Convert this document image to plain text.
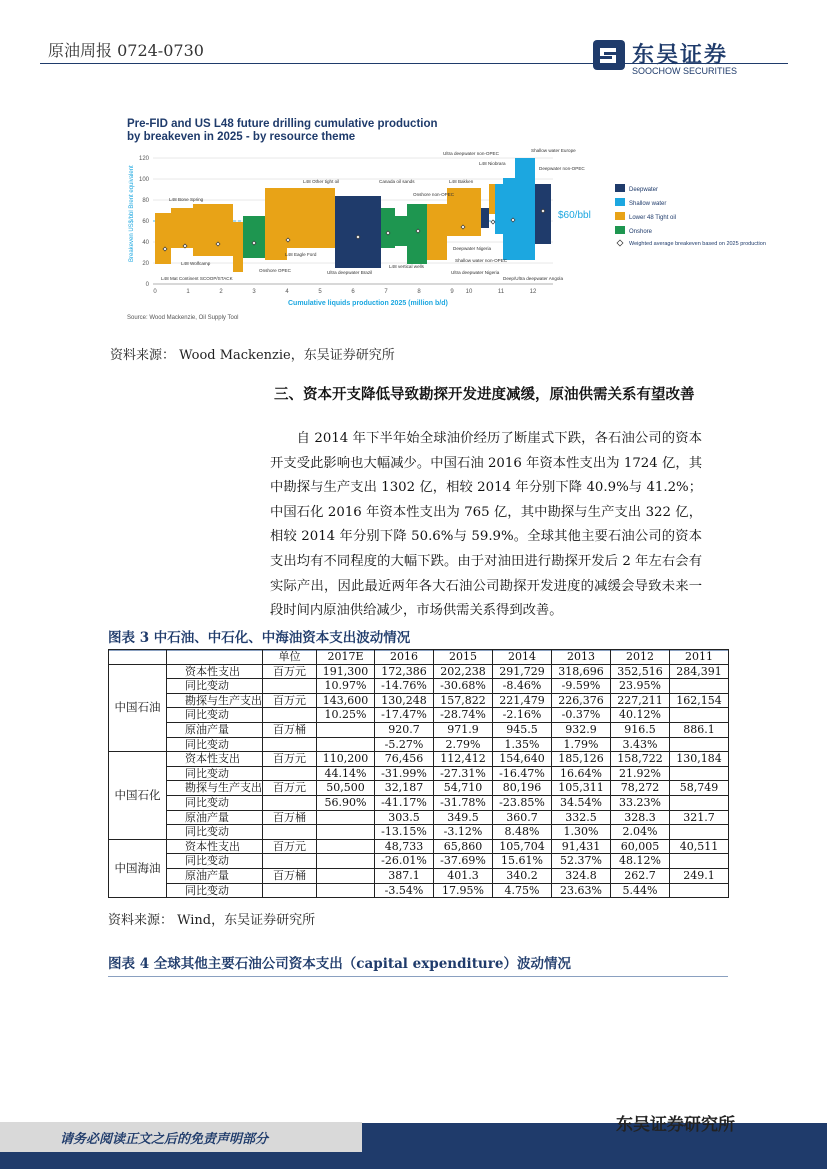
原油周报 0724-0730	东吴证券
SOOCHOW SECURITIES
Pre-FID and US L48 future drilling cumulative production
by breakeven in 2025 - by resource theme
Breakeven US$/bbl Brent equivalent
0
20
40
60
80
100
120
0	1	2	3	4	5	6	7	8	9 10	11	12
Cumulative liquids production 2025 (million b/d)
Source: Wood Mackenzie, Oil Supply Tool
$60/bbl
L48 Bone Spring
L48 Wolfcamp
L48 Mat Continent SCOOP/STACK
L48 Other tight oil
L48 Eagle Ford
Onshore OPEC	Ultra deepwater Brazil
Canada oil sands	L48 Bakken
Onshore non-OPEC
L48 vertical wells
L48 Niobrara
Deepwater Nigeria
Shallow water non-OPEC
Ultra deepwater Nigeria
Ultra deepwater non-OPEC
Shallow water Europe
Deepwater non-OPEC
Deep/Ultra deepwater Angola
Deepwater
Shallow water
Lower 48 Tight oil
Onshore
Weighted average breakeven based on 2025 production
资料来源： Wood Mackenzie，东吴证券研究所
三、资本开支降低导致勘探开发进度减缓，原油供需关系有望改善
自 2014 年下半年始全球油价经历了断崖式下跌，各石油公司的资本开支受此影响也大幅减少。中国石油 2016 年资本性支出为 1724 亿，其中勘探与生产支出 1302 亿，相较 2014 年分别下降 40.9%与 41.2%；中国石化 2016 年资本性支出为 765 亿，其中勘探与生产支出 322 亿，相较 2014 年分别下降 50.6%与 59.9%。全球其他主要石油公司的资本支出均有不同程度的大幅下跌。由于对油田进行勘探开发后 2 年左右会有实际产出，因此最近两年各大石油公司勘探开发进度的减缓会导致未来一段时间内原油供给减少，市场供需关系得到改善。
图表 3 中石油、中石化、中海油资本支出波动情况
		单位	2017E	2016	2015	2014	2013	2012	2011
中国石油	资本性支出	百万元	191,300	172,386	202,238	291,729	318,696	352,516	284,391
	同比变动		10.97%	-14.76%	-30.68%	-8.46%	-9.59%	23.95%	
	勘探与生产支出	百万元	143,600	130,248	157,822	221,479	226,376	227,211	162,154
	同比变动		10.25%	-17.47%	-28.74%	-2.16%	-0.37%	40.12%	
	原油产量	百万桶		920.7	971.9	945.5	932.9	916.5	886.1
	同比变动			-5.27%	2.79%	1.35%	1.79%	3.43%	
中国石化	资本性支出	百万元	110,200	76,456	112,412	154,640	185,126	158,722	130,184
	同比变动		44.14%	-31.99%	-27.31%	-16.47%	16.64%	21.92%	
	勘探与生产支出	百万元	50,500	32,187	54,710	80,196	105,311	78,272	58,749
	同比变动		56.90%	-41.17%	-31.78%	-23.85%	34.54%	33.23%	
	原油产量	百万桶		303.5	349.5	360.7	332.5	328.3	321.7
	同比变动			-13.15%	-3.12%	8.48%	1.30%	2.04%	
中国海油	资本性支出	百万元		48,733	65,860	105,704	91,431	60,005	40,511
	同比变动			-26.01%	-37.69%	15.61%	52.37%	48.12%	
	原油产量	百万桶		387.1	401.3	340.2	324.8	262.7	249.1
	同比变动			-3.54%	17.95%	4.75%	23.63%	5.44%	
资料来源： Wind，东吴证券研究所
图表 4 全球其他主要石油公司资本支出（capital expenditure）波动情况
请务必阅读正文之后的免责声明部分
东吴证券研究所
